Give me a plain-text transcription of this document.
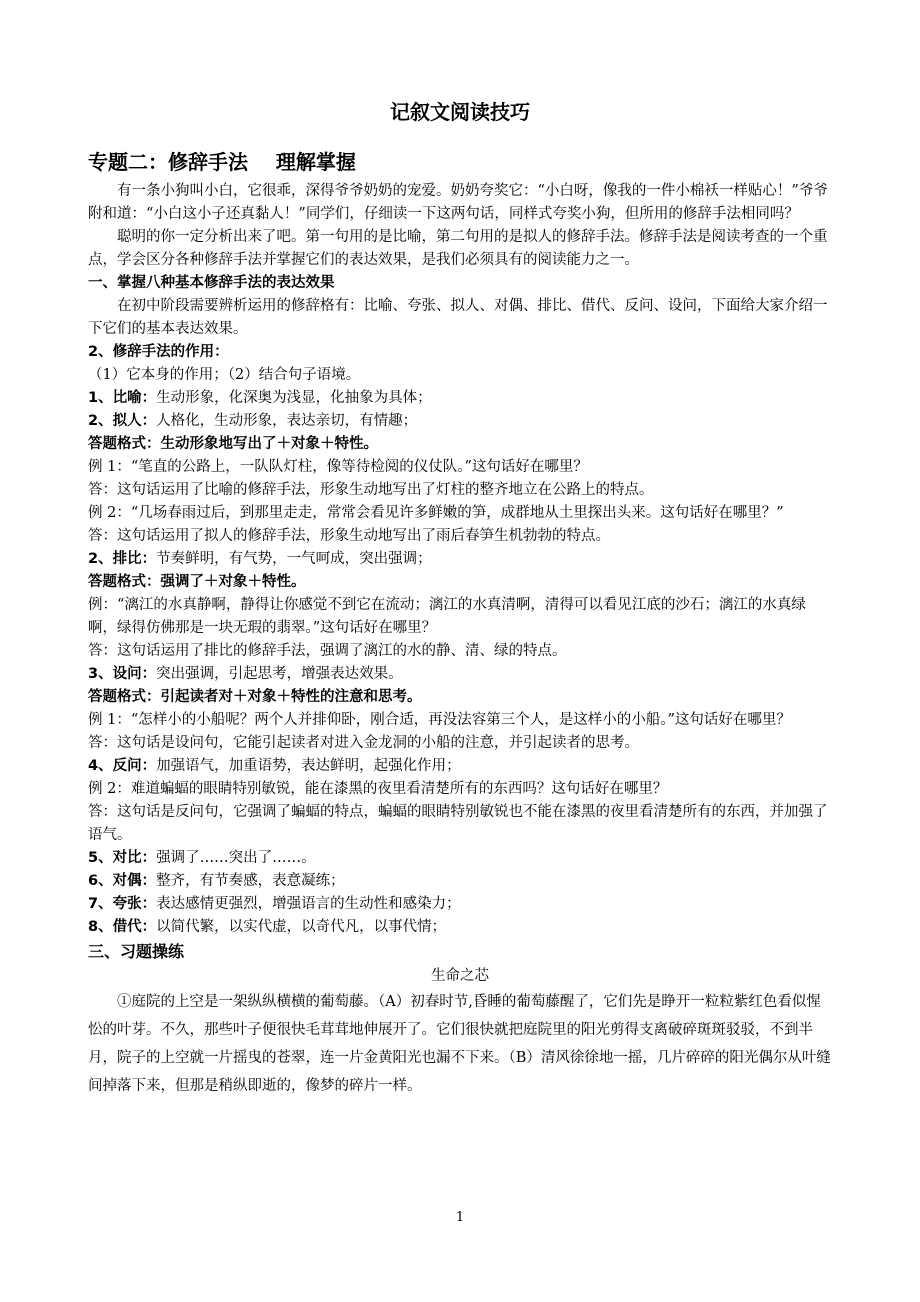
记叙文阅读技巧
专题二：修辞手法    理解掌握

有一条小狗叫小白，它很乖，深得爷爷奶奶的宠爱。奶奶夸奖它：“小白呀，像我的一件小棉袄一样贴心！”爷爷附和道：“小白这小子还真黏人！”同学们，仔细读一下这两句话，同样式夸奖小狗，但所用的修辞手法相同吗？

聪明的你一定分析出来了吧。第一句用的是比喻，第二句用的是拟人的修辞手法。修辞手法是阅读考查的一个重点，学会区分各种修辞手法并掌握它们的表达效果，是我们必须具有的阅读能力之一。

一、掌握八种基本修辞手法的表达效果

在初中阶段需要辨析运用的修辞格有：比喻、夸张、拟人、对偶、排比、借代、反问、设问，下面给大家介绍一下它们的基本表达效果。

2、修辞手法的作用：

（1）它本身的作用；（2）结合句子语境。

1、比喻：生动形象，化深奥为浅显，化抽象为具体；

2、拟人：人格化，生动形象，表达亲切，有情趣；

答题格式：生动形象地写出了＋对象＋特性。

例 1：“笔直的公路上，一队队灯柱，像等待检阅的仪仗队。”这句话好在哪里？

答：这句话运用了比喻的修辞手法，形象生动地写出了灯柱的整齐地立在公路上的特点。

例 2：“几场春雨过后，到那里走走，常常会看见许多鲜嫩的笋，成群地从土里探出头来。这句话好在哪里？”

答：这句话运用了拟人的修辞手法，形象生动地写出了雨后春笋生机勃勃的特点。

2、排比：节奏鲜明，有气势，一气呵成，突出强调；

答题格式：强调了＋对象＋特性。

例：“漓江的水真静啊，静得让你感觉不到它在流动；漓江的水真清啊，清得可以看见江底的沙石；漓江的水真绿啊，绿得仿佛那是一块无瑕的翡翠。”这句话好在哪里？

答：这句话运用了排比的修辞手法，强调了漓江的水的静、清、绿的特点。

3、设问：突出强调，引起思考，增强表达效果。

答题格式：引起读者对＋对象＋特性的注意和思考。

例 1：“怎样小的小船呢？两个人并排仰卧，刚合适，再没法容第三个人，是这样小的小船。”这句话好在哪里？

答：这句话是设问句，它能引起读者对进入金龙洞的小船的注意，并引起读者的思考。

4、反问：加强语气，加重语势，表达鲜明，起强化作用；

例 2：难道蝙蝠的眼睛特别敏锐，能在漆黑的夜里看清楚所有的东西吗？这句话好在哪里？

答：这句话是反问句，它强调了蝙蝠的特点，蝙蝠的眼睛特别敏锐也不能在漆黑的夜里看清楚所有的东西，并加强了语气。

5、对比：强调了……突出了……。

6、对偶：整齐，有节奏感，表意凝练；

7、夸张：表达感情更强烈，增强语言的生动性和感染力；

8、借代：以简代繁，以实代虚，以奇代凡，以事代情；

三、习题操练

生命之芯

①庭院的上空是一架纵纵横横的葡萄藤。（A）初春时节,昏睡的葡萄藤醒了，它们先是睁开一粒粒紫红色看似惺忪的叶芽。不久，那些叶子便很快毛茸茸地伸展开了。它们很快就把庭院里的阳光剪得支离破碎斑斑驳驳，不到半月，院子的上空就一片摇曳的苍翠，连一片金黄阳光也漏不下来。（B）清风徐徐地一摇，几片碎碎的阳光偶尔从叶缝间掉落下来，但那是稍纵即逝的，像梦的碎片一样。

1
